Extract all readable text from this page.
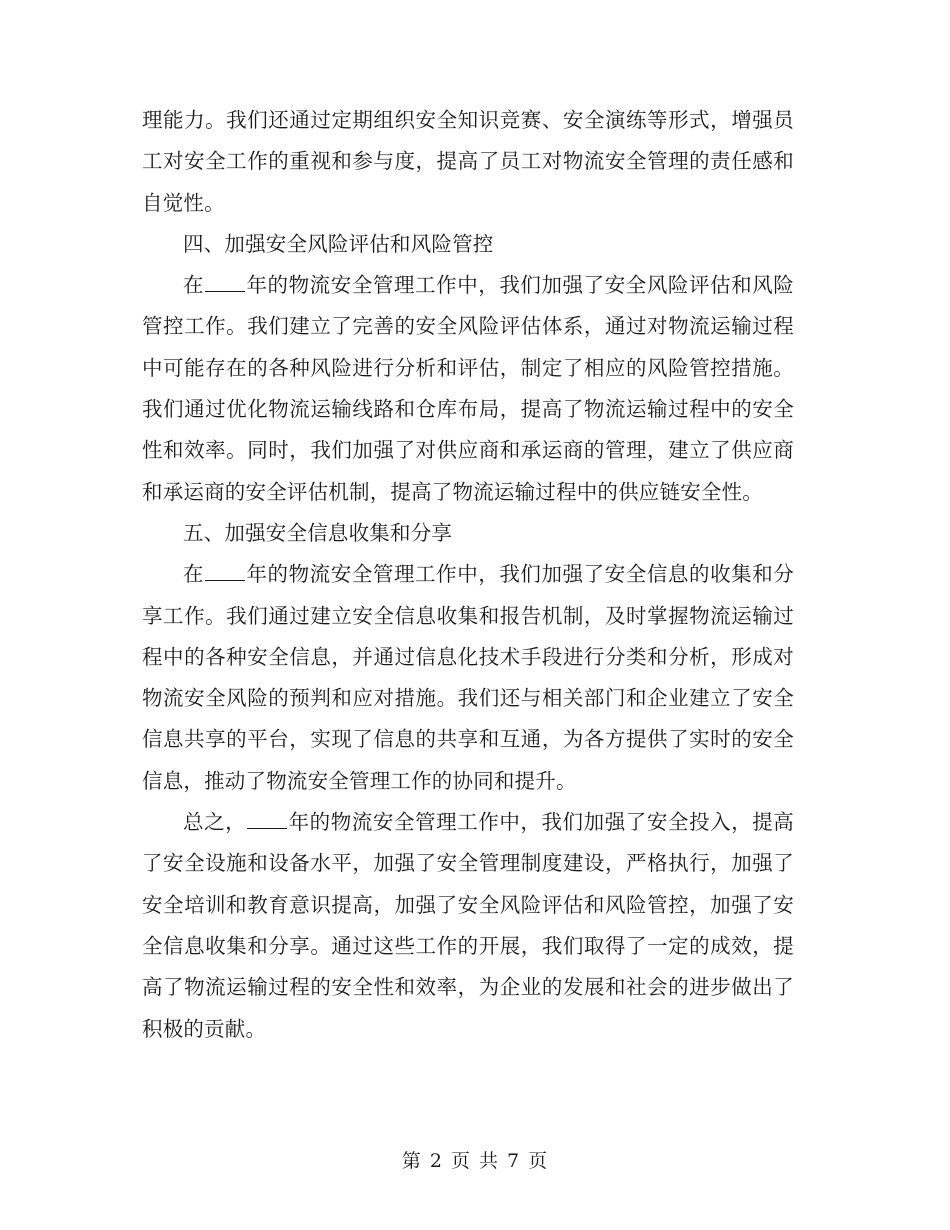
理能力。我们还通过定期组织安全知识竞赛、安全演练等形式，增强员工对安全工作的重视和参与度，提高了员工对物流安全管理的责任感和自觉性。

四、加强安全风险评估和风险管控

在 年的物流安全管理工作中，我们加强了安全风险评估和风险管控工作。我们建立了完善的安全风险评估体系，通过对物流运输过程中可能存在的各种风险进行分析和评估，制定了相应的风险管控措施。我们通过优化物流运输线路和仓库布局，提高了物流运输过程中的安全性和效率。同时，我们加强了对供应商和承运商的管理，建立了供应商和承运商的安全评估机制，提高了物流运输过程中的供应链安全性。

五、加强安全信息收集和分享

在 年的物流安全管理工作中，我们加强了安全信息的收集和分享工作。我们通过建立安全信息收集和报告机制，及时掌握物流运输过程中的各种安全信息，并通过信息化技术手段进行分类和分析，形成对物流安全风险的预判和应对措施。我们还与相关部门和企业建立了安全信息共享的平台，实现了信息的共享和互通，为各方提供了实时的安全信息，推动了物流安全管理工作的协同和提升。

总之， 年的物流安全管理工作中，我们加强了安全投入，提高了安全设施和设备水平，加强了安全管理制度建设，严格执行，加强了安全培训和教育意识提高，加强了安全风险评估和风险管控，加强了安全信息收集和分享。通过这些工作的开展，我们取得了一定的成效，提高了物流运输过程的安全性和效率，为企业的发展和社会的进步做出了积极的贡献。

第 2 页 共 7 页
